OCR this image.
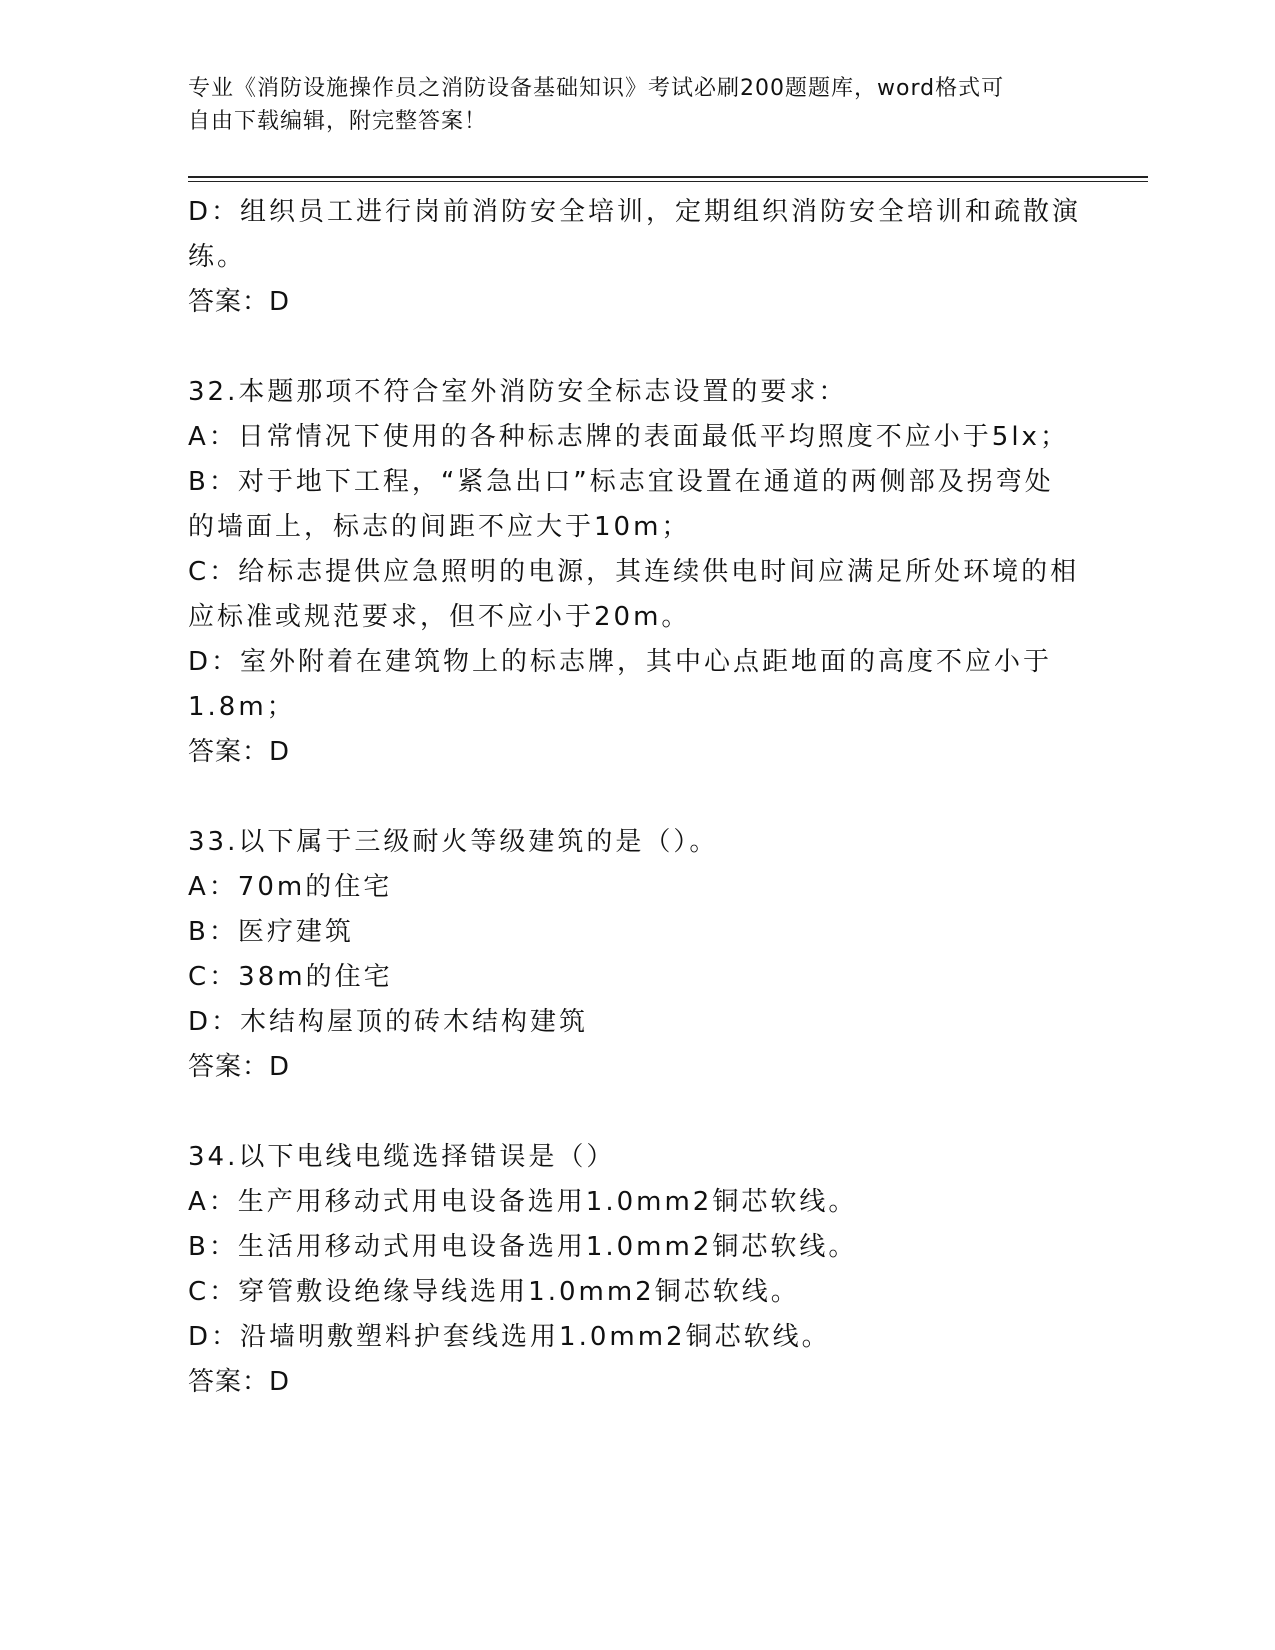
专业《消防设施操作员之消防设备基础知识》考试必刷200题题库，word格式可
自由下载编辑，附完整答案！
D：组织员工进行岗前消防安全培训，定期组织消防安全培训和疏散演
练。
答案：D
32.本题那项不符合室外消防安全标志设置的要求：
A：日常情况下使用的各种标志牌的表面最低平均照度不应小于5lx；
B：对于地下工程，“紧急出口”标志宜设置在通道的两侧部及拐弯处
的墙面上，标志的间距不应大于10m；
C：给标志提供应急照明的电源，其连续供电时间应满足所处环境的相
应标准或规范要求，但不应小于20m。
D：室外附着在建筑物上的标志牌，其中心点距地面的高度不应小于
1.8m；
答案：D
33.以下属于三级耐火等级建筑的是（）。
A：70m的住宅
B：医疗建筑
C：38m的住宅
D：木结构屋顶的砖木结构建筑
答案：D
34.以下电线电缆选择错误是（）
A：生产用移动式用电设备选用1.0mm2铜芯软线。
B：生活用移动式用电设备选用1.0mm2铜芯软线。
C：穿管敷设绝缘导线选用1.0mm2铜芯软线。
D：沿墙明敷塑料护套线选用1.0mm2铜芯软线。
答案：D
